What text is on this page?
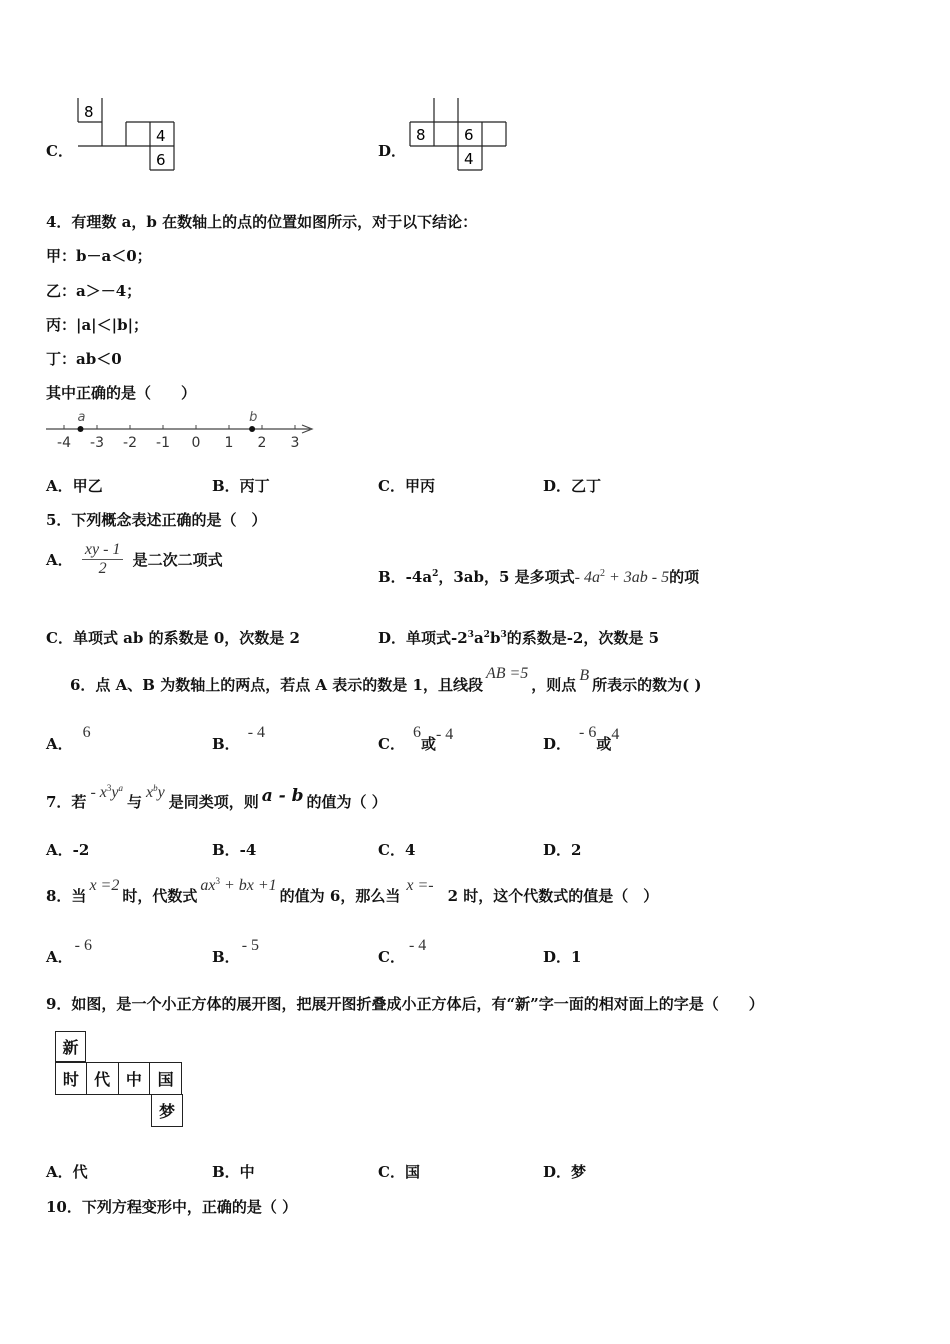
C．
8
4
6	D．
8	6
4
4．有理数 a，b 在数轴上的点的位置如图所示，对于以下结论：
甲：b－a＜0；
乙：a＞－4；
丙：|a|＜|b|；
丁：ab＜0
其中正确的是（　　）
-4 -3 -2 -1 0 1 2 3
a	b
A．甲乙	B．丙丁	C．甲丙	D．乙丁
5．下列概念表述正确的是（　）
A． $\frac{xy - 1}{2}$ 是二次二项式
B．$-4a^2$，3ab，5 是多项式- $4a^2 + 3ab - 5$的项
C．单项式 ab 的系数是 0，次数是 2	D．单项式$-2^3a^2b^3$的系数是-2，次数是 5
6．点 A、B 为数轴上的两点，若点 A 表示的数是 1，且线段AB =5，则点B所表示的数为( )
A．6
B．- 4
C．6或- 4
D．- 6或4
7．若- $x^3y^a$与$x^by$是同类项，则 a - b 的值为（ ）
A．-2	B．-4	C．4	D．2
8．当x =2时，代数式$ax^3$ + bx +1的值为 6，那么当x =-2 时，这个代数式的值是（　）
A．- 6
B．- 5
C．- 4
D．1
9．如图，是一个小正方体的展开图，把展开图折叠成小正方体后，有“新”字一面的相对面上的字是（　　）
新
时 代 中 国
梦
A．代	B．中	C．国	D．梦
10．下列方程变形中，正确的是（ ）
